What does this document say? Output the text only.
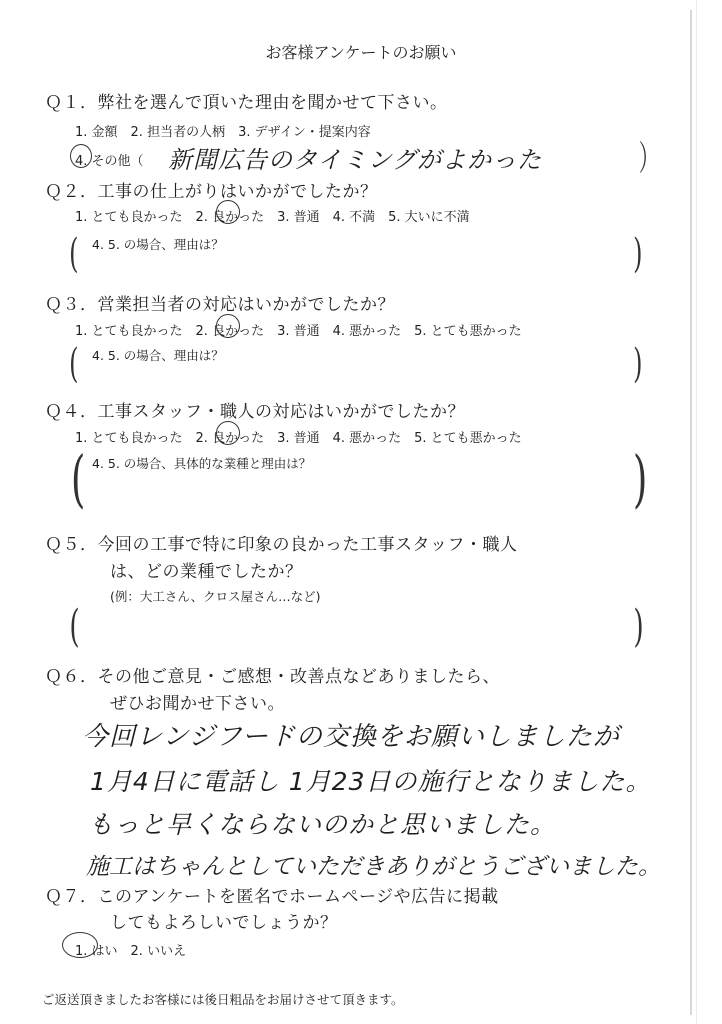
お客様アンケートのお願い
Ｑ１．弊社を選んで頂いた理由を聞かせて下さい。
1. 金額　2. 担当者の人柄　3. デザイン・提案内容
4. その他（ 新聞広告のタイミングがよかった	）
Ｑ２．工事の仕上がりはいかがでしたか？
1. とても良かった　2. 良かった　3. 普通　4. 不満　5. 大いに不満
( 4. 5. の場合、理由は？	)
Ｑ３．営業担当者の対応はいかがでしたか？
1. とても良かった　2. 良かった　3. 普通　4. 悪かった　5. とても悪かった
( 4. 5. の場合、理由は？	)
Ｑ４．工事スタッフ・職人の対応はいかがでしたか？
1. とても良かった　2. 良かった　3. 普通　4. 悪かった　5. とても悪かった
( 4. 5. の場合、具体的な業種と理由は？	)
Ｑ５．今回の工事で特に印象の良かった工事スタッフ・職人
は、どの業種でしたか？
(例：大工さん、クロス屋さん…など)
(	)
Ｑ６．その他ご意見・ご感想・改善点などありましたら、
ぜひお聞かせ下さい。
今回レンジフードの交換をお願いしましたが
1月4日に電話し 1月23日の施行となりました。
もっと早くならないのかと思いました。
施工はちゃんとしていただきありがとうございました。
Ｑ７．このアンケートを匿名でホームページや広告に掲載
してもよろしいでしょうか？
1. はい　2. いいえ
ご返送頂きましたお客様には後日粗品をお届けさせて頂きます。
